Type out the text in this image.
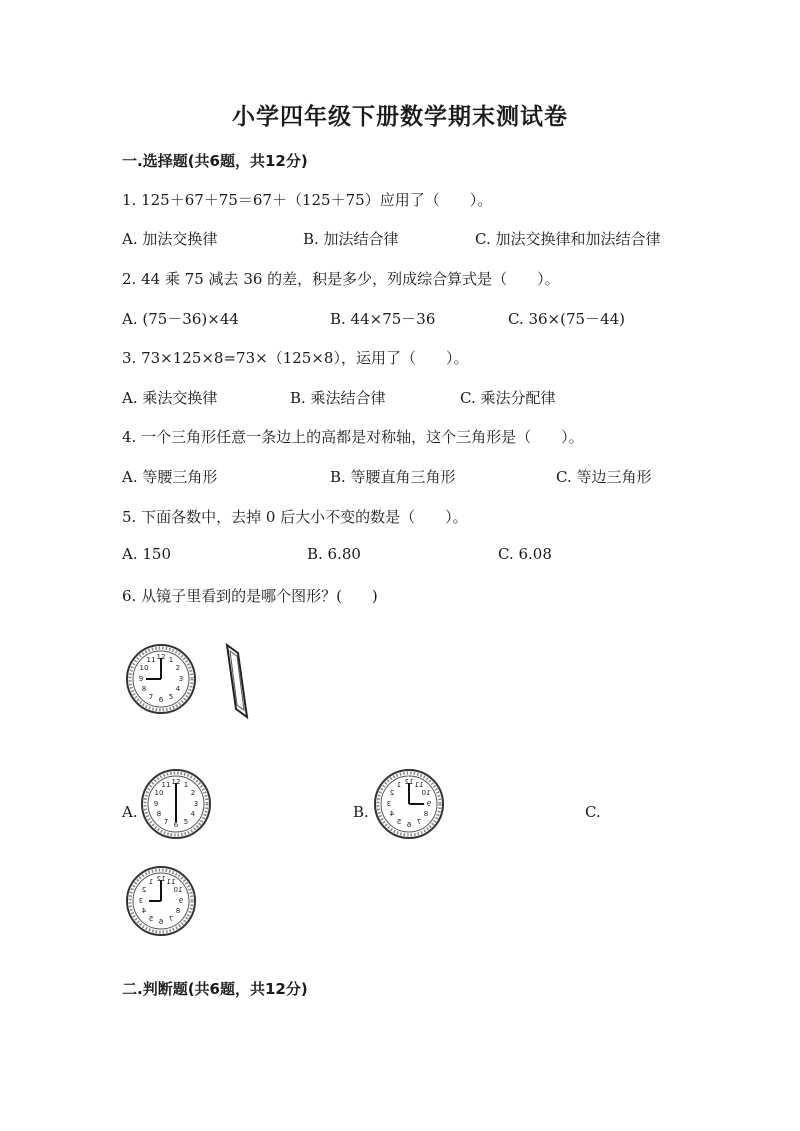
小学四年级下册数学期末测试卷
一.选择题(共6题，共12分)
1. 125＋67＋75＝67＋（125＋75）应用了（　　）。
A. 加法交换律	B. 加法结合律	C. 加法交换律和加法结合律
2. 44 乘 75 减去 36 的差，积是多少，列成综合算式是（　　）。
A. (75－36)×44	B. 44×75－36	C. 36×(75－44)
3. 73×125×8=73×（125×8），运用了（　　）。
A. 乘法交换律	B. 乘法结合律	C. 乘法分配律
4. 一个三角形任意一条边上的高都是对称轴，这个三角形是（　　）。
A. 等腰三角形	B. 等腰直角三角形	C. 等边三角形
5. 下面各数中，去掉 0 后大小不变的数是（　　）。
A. 150	B. 6.80	C. 6.08
6. 从镜子里看到的是哪个图形？(　　)
12 1
2
3
4
5
6
7
8
9
10
11
A.	B.	C.
12 1
2
3
4
5
6
7
8
9
10
11	12
1
2
3
4
5 6 7
8
9
10
11
12
1
2
3
4
5 6 7
8
9
10
11
二.判断题(共6题，共12分)
